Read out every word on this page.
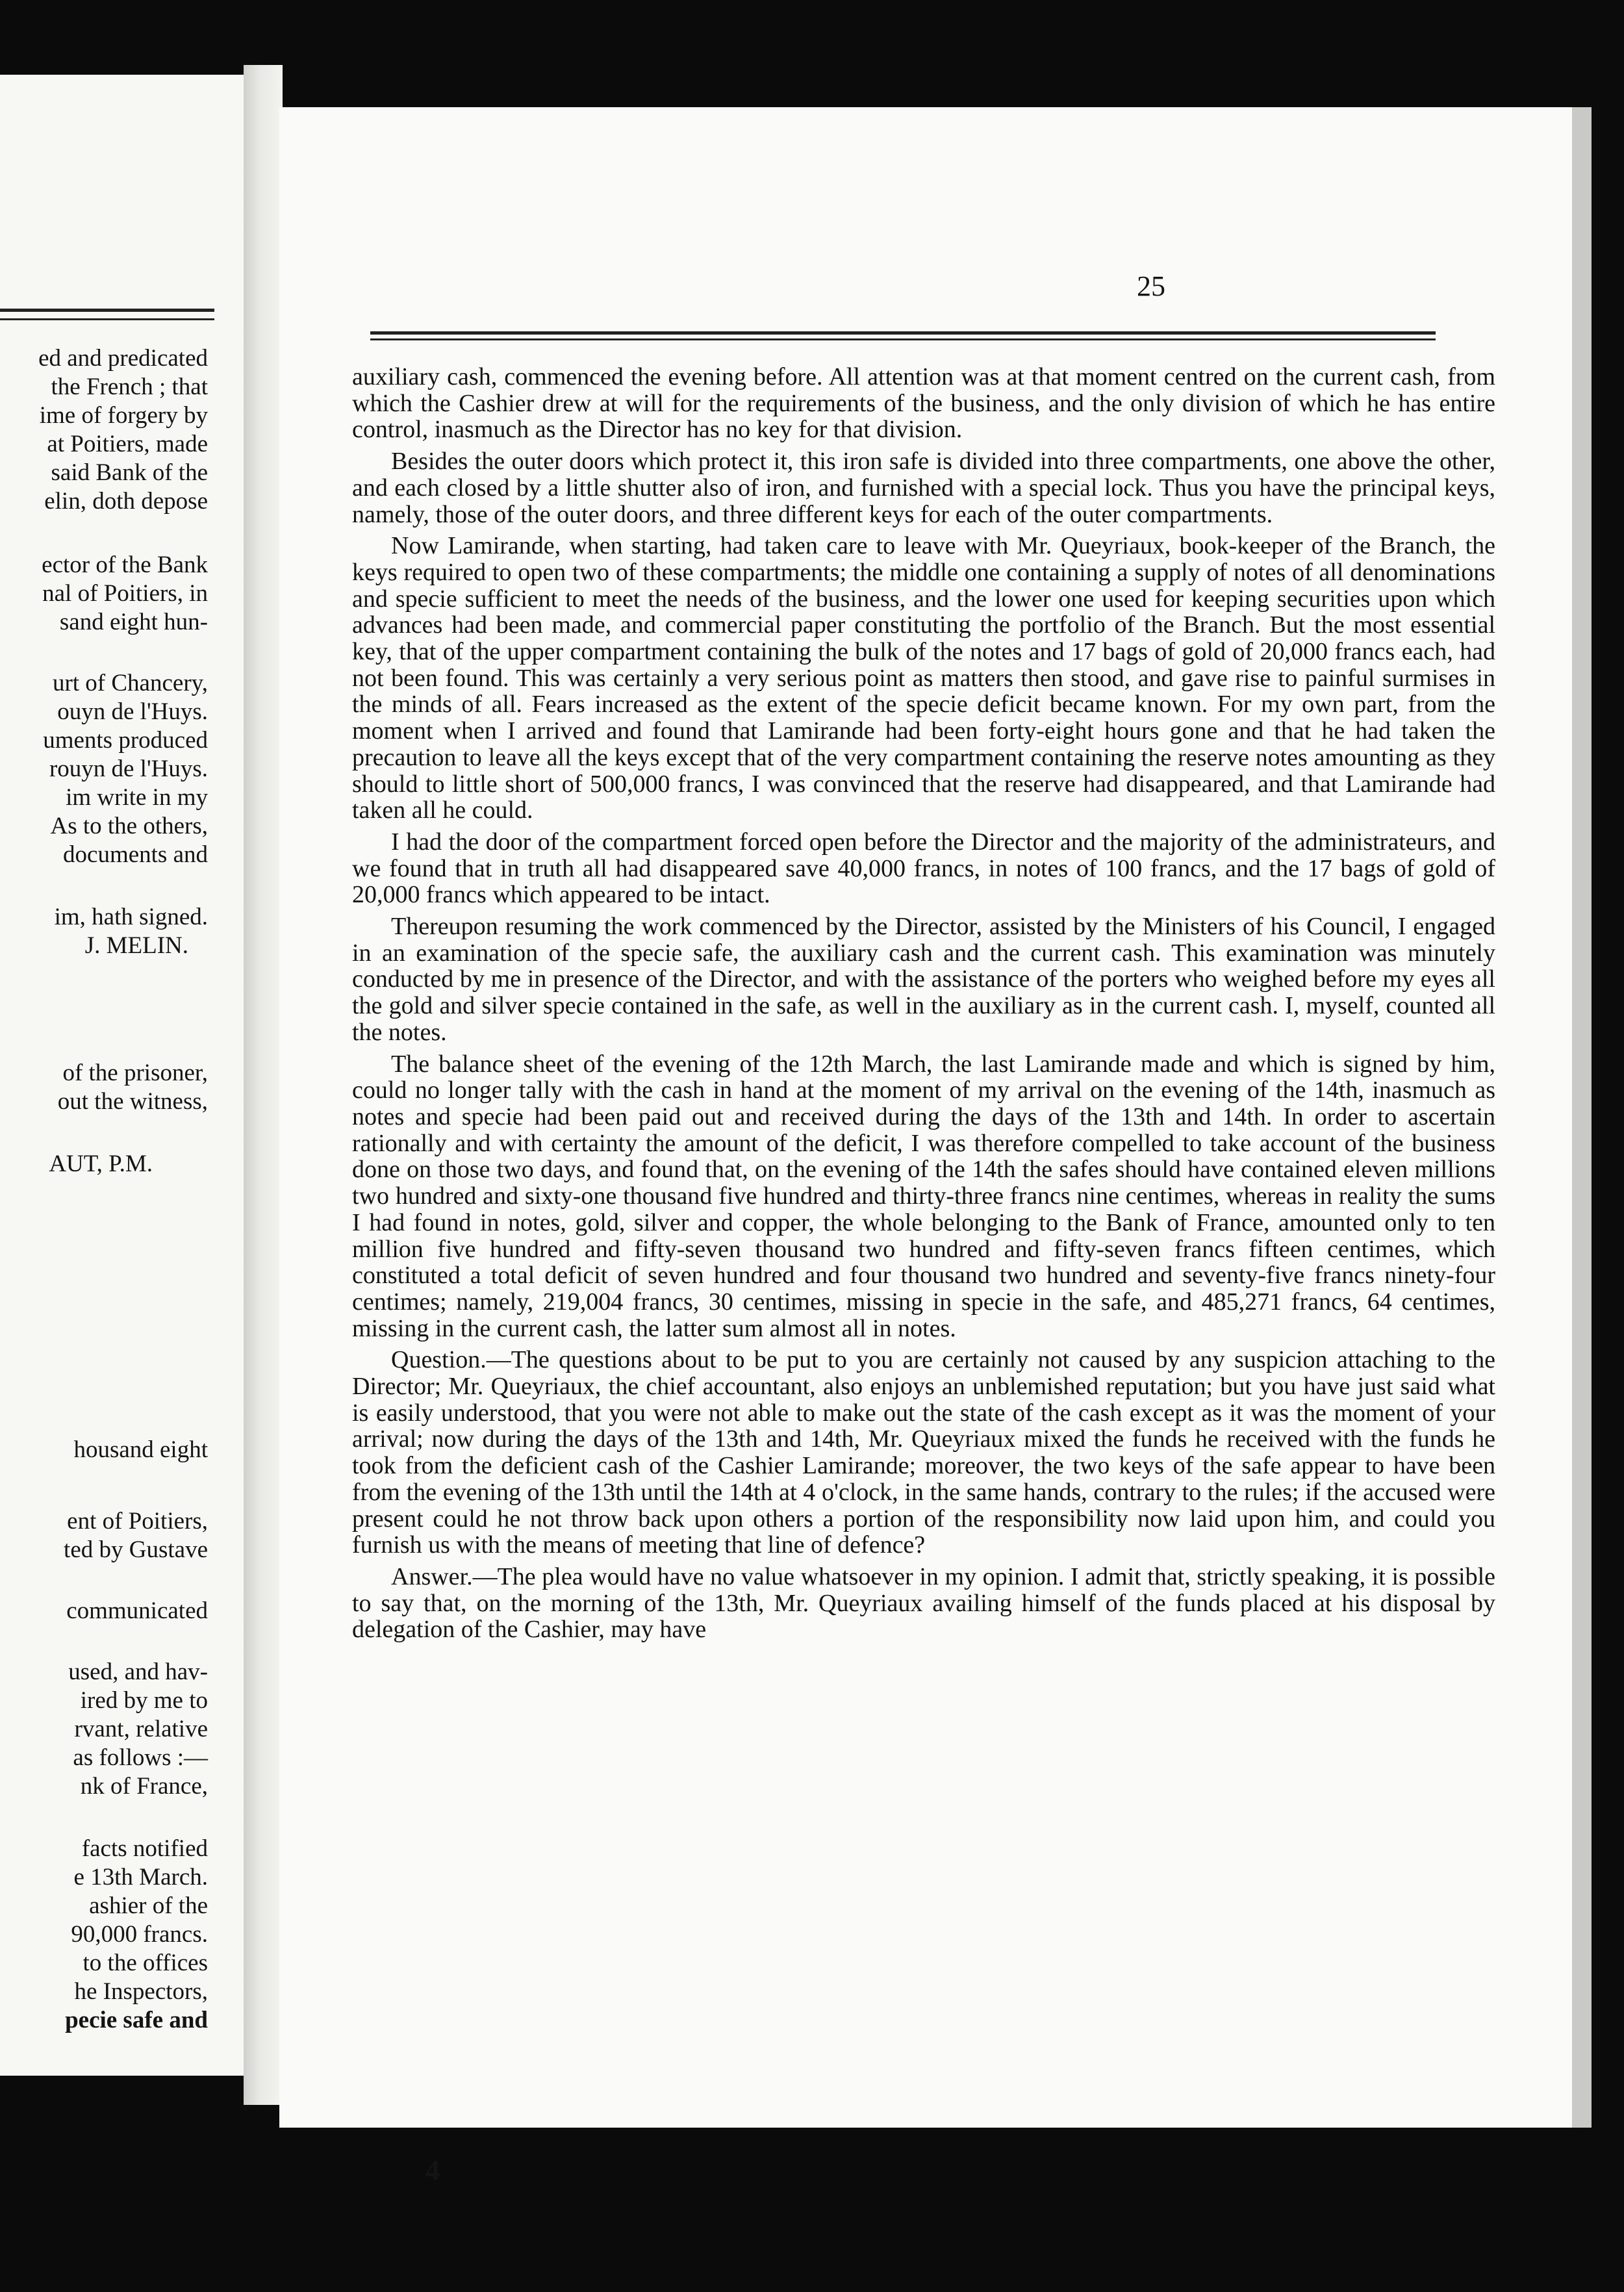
ed and predicated
the French ; that
ime of forgery by
at Poitiers, made
said Bank of the
elin, doth depose
ector of the Bank
nal of Poitiers, in
sand eight hun-
urt of Chancery,
ouyn de l'Huys.
uments produced
rouyn de l'Huys.
im write in my
As to the others,
documents and
im, hath signed.
J. MELIN.
of the prisoner,
out the witness,
AUT, P.M.
housand eight
ent of Poitiers,
ted by Gustave
communicated
used, and hav-
ired by me to
rvant, relative
as follows :—
nk of France,
facts notified
e 13th March.
ashier of the
90,000 francs.
to the offices
he Inspectors,
pecie safe and
25

auxiliary cash, commenced the evening before. All attention was at that moment centred on the current cash, from which the Cashier drew at will for the requirements of the business, and the only division of which he has entire control, inasmuch as the Director has no key for that division.

Besides the outer doors which protect it, this iron safe is divided into three compartments, one above the other, and each closed by a little shutter also of iron, and furnished with a special lock. Thus you have the principal keys, namely, those of the outer doors, and three different keys for each of the outer compartments.

Now Lamirande, when starting, had taken care to leave with Mr. Queyriaux, book-keeper of the Branch, the keys required to open two of these compartments; the middle one containing a supply of notes of all denominations and specie sufficient to meet the needs of the business, and the lower one used for keeping securities upon which advances had been made, and commercial paper constituting the portfolio of the Branch. But the most essential key, that of the upper compartment containing the bulk of the notes and 17 bags of gold of 20,000 francs each, had not been found. This was certainly a very serious point as matters then stood, and gave rise to painful surmises in the minds of all. Fears increased as the extent of the specie deficit became known. For my own part, from the moment when I arrived and found that Lamirande had been forty-eight hours gone and that he had taken the precaution to leave all the keys except that of the very compartment containing the reserve notes amounting as they should to little short of 500,000 francs, I was convinced that the reserve had disappeared, and that Lamirande had taken all he could.

I had the door of the compartment forced open before the Director and the majority of the administrateurs, and we found that in truth all had disappeared save 40,000 francs, in notes of 100 francs, and the 17 bags of gold of 20,000 francs which appeared to be intact.

Thereupon resuming the work commenced by the Director, assisted by the Ministers of his Council, I engaged in an examination of the specie safe, the auxiliary cash and the current cash. This examination was minutely conducted by me in presence of the Director, and with the assistance of the porters who weighed before my eyes all the gold and silver specie contained in the safe, as well in the auxiliary as in the current cash. I, myself, counted all the notes.

The balance sheet of the evening of the 12th March, the last Lamirande made and which is signed by him, could no longer tally with the cash in hand at the moment of my arrival on the evening of the 14th, inasmuch as notes and specie had been paid out and received during the days of the 13th and 14th. In order to ascertain rationally and with certainty the amount of the deficit, I was therefore compelled to take account of the business done on those two days, and found that, on the evening of the 14th the safes should have contained eleven millions two hundred and sixty-one thousand five hundred and thirty-three francs nine centimes, whereas in reality the sums I had found in notes, gold, silver and copper, the whole belonging to the Bank of France, amounted only to ten million five hundred and fifty-seven thousand two hundred and fifty-seven francs fifteen centimes, which constituted a total deficit of seven hundred and four thousand two hundred and seventy-five francs ninety-four centimes; namely, 219,004 francs, 30 centimes, missing in specie in the safe, and 485,271 francs, 64 centimes, missing in the current cash, the latter sum almost all in notes.

Question.—The questions about to be put to you are certainly not caused by any suspicion attaching to the Director; Mr. Queyriaux, the chief accountant, also enjoys an unblemished reputation; but you have just said what is easily understood, that you were not able to make out the state of the cash except as it was the moment of your arrival; now during the days of the 13th and 14th, Mr. Queyriaux mixed the funds he received with the funds he took from the deficient cash of the Cashier Lamirande; moreover, the two keys of the safe appear to have been from the evening of the 13th until the 14th at 4 o'clock, in the same hands, contrary to the rules; if the accused were present could he not throw back upon others a portion of the responsibility now laid upon him, and could you furnish us with the means of meeting that line of defence?

Answer.—The plea would have no value whatsoever in my opinion. I admit that, strictly speaking, it is possible to say that, on the morning of the 13th, Mr. Queyriaux availing himself of the funds placed at his disposal by delegation of the Cashier, may have

4
